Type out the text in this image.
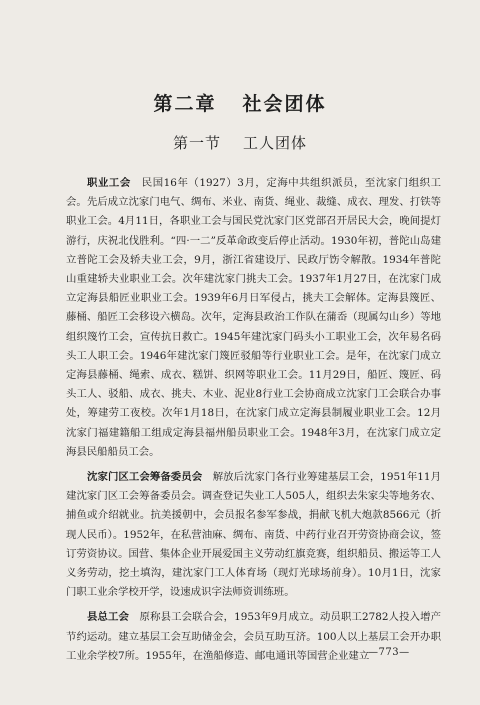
第二章 社会团体
第一节 工人团体

职业工会  民国16年（1927）3月，定海中共组织派员，至沈家门组织工会。先后成立沈家门电气、绸布、米业、南货、绳业、裁缝、成衣、理发、打铁等职业工会。4月11日，各职业工会与国民党沈家门区党部召开居民大会，晚间提灯游行，庆祝北伐胜利。“四·一二”反革命政变后停止活动。1930年初，普陀山岛建立普陀工会及轿夫业工会，9月，浙江省建设厅、民政厅饬令解散。1934年普陀山重建轿夫业职业工会。次年建沈家门挑夫工会。1937年1月27日，在沈家门成立定海县船匠业职业工会。1939年6月日军侵占，挑夫工会解体。定海县篾匠、藤桶、船匠工会移设六横岛。次年，定海县政治工作队在蒲岙（现属勾山乡）等地组织篾竹工会，宣传抗日救亡。1945年建沈家门码头小工职业工会，次年易名码头工人职工会。1946年建沈家门篾匠驳船等行业职业工会。是年，在沈家门成立定海县藤桶、绳索、成衣、糕饼、织网等职业工会。11月29日，船匠、篾匠、码头工人、驳船、成衣、挑夫、木业、泥业8行业工会协商成立沈家门工会联合办事处，筹建劳工夜校。次年1月18日，在沈家门成立定海县制履业职业工会。12月沈家门福建籍船工组成定海县福州船员职业工会。1948年3月，在沈家门成立定海县民船船员工会。

沈家门区工会筹备委员会  解放后沈家门各行业筹建基层工会，1951年11月建沈家门区工会筹备委员会。调查登记失业工人505人，组织去朱家尖等地务农、捕鱼或介绍就业。抗美援朝中，会员报名参军参战，捐献飞机大炮款8566元（折现人民币）。1952年，在私营油麻、绸布、南货、中药行业召开劳资协商会议，签订劳资协议。国营、集体企业开展爱国主义劳动红旗竞赛，组织船员、搬运等工人义务劳动，挖土填沟，建沈家门工人体育场（现灯光球场前身）。10月1日，沈家门职工业余学校开学，设速成识字法师资训练班。

县总工会  原称县工会联合会，1953年9月成立。动员职工2782人投入增产节约运动。建立基层工会互助储金会，会员互助互济。100人以上基层工会开办职工业余学校7所。1955年，在渔船修造、邮电通讯等国营企业建立

—773—
